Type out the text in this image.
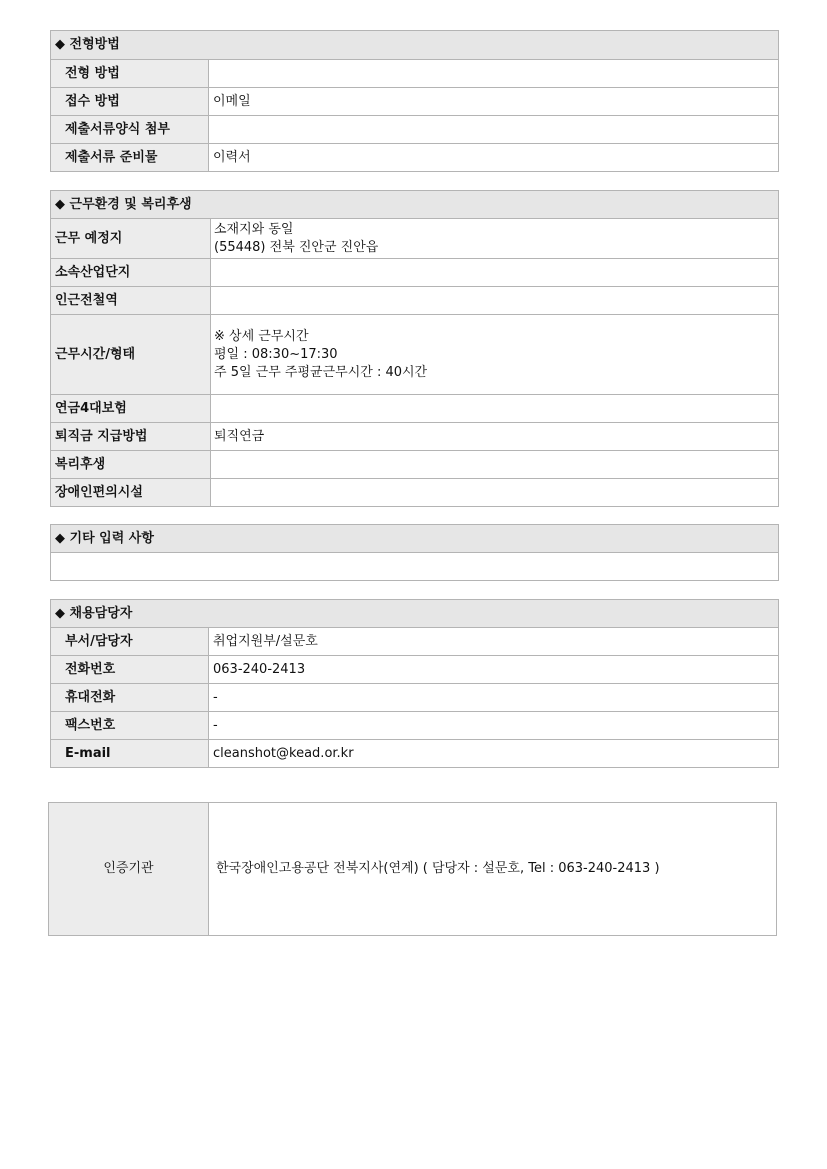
◆ 전형방법	
전형 방법	
접수 방법	이메일
제출서류양식 첨부	
제출서류 준비물	이력서
◆ 근무환경 및 복리후생	
근무 예정지	소재지와 동일
(55448) 전북 진안군 진안읍

소속산업단지	
인근전철역	
근무시간/형태	※ 상세 근무시간
평일 : 08:30~17:30
주 5일 근무 주평균근무시간 : 40시간

연금4대보험	
퇴직금 지급방법	퇴직연금
복리후생	
장애인편의시설	
◆ 기타 입력 사항

◆ 채용담당자	
부서/담당자	취업지원부/설문호
전화번호	063-240-2413
휴대전화	-
팩스번호	-
E-mail	cleanshot@kead.or.kr
인증기관	한국장애인고용공단 전북지사(연계) ( 담당자 : 설문호, Tel : 063-240-2413 )
